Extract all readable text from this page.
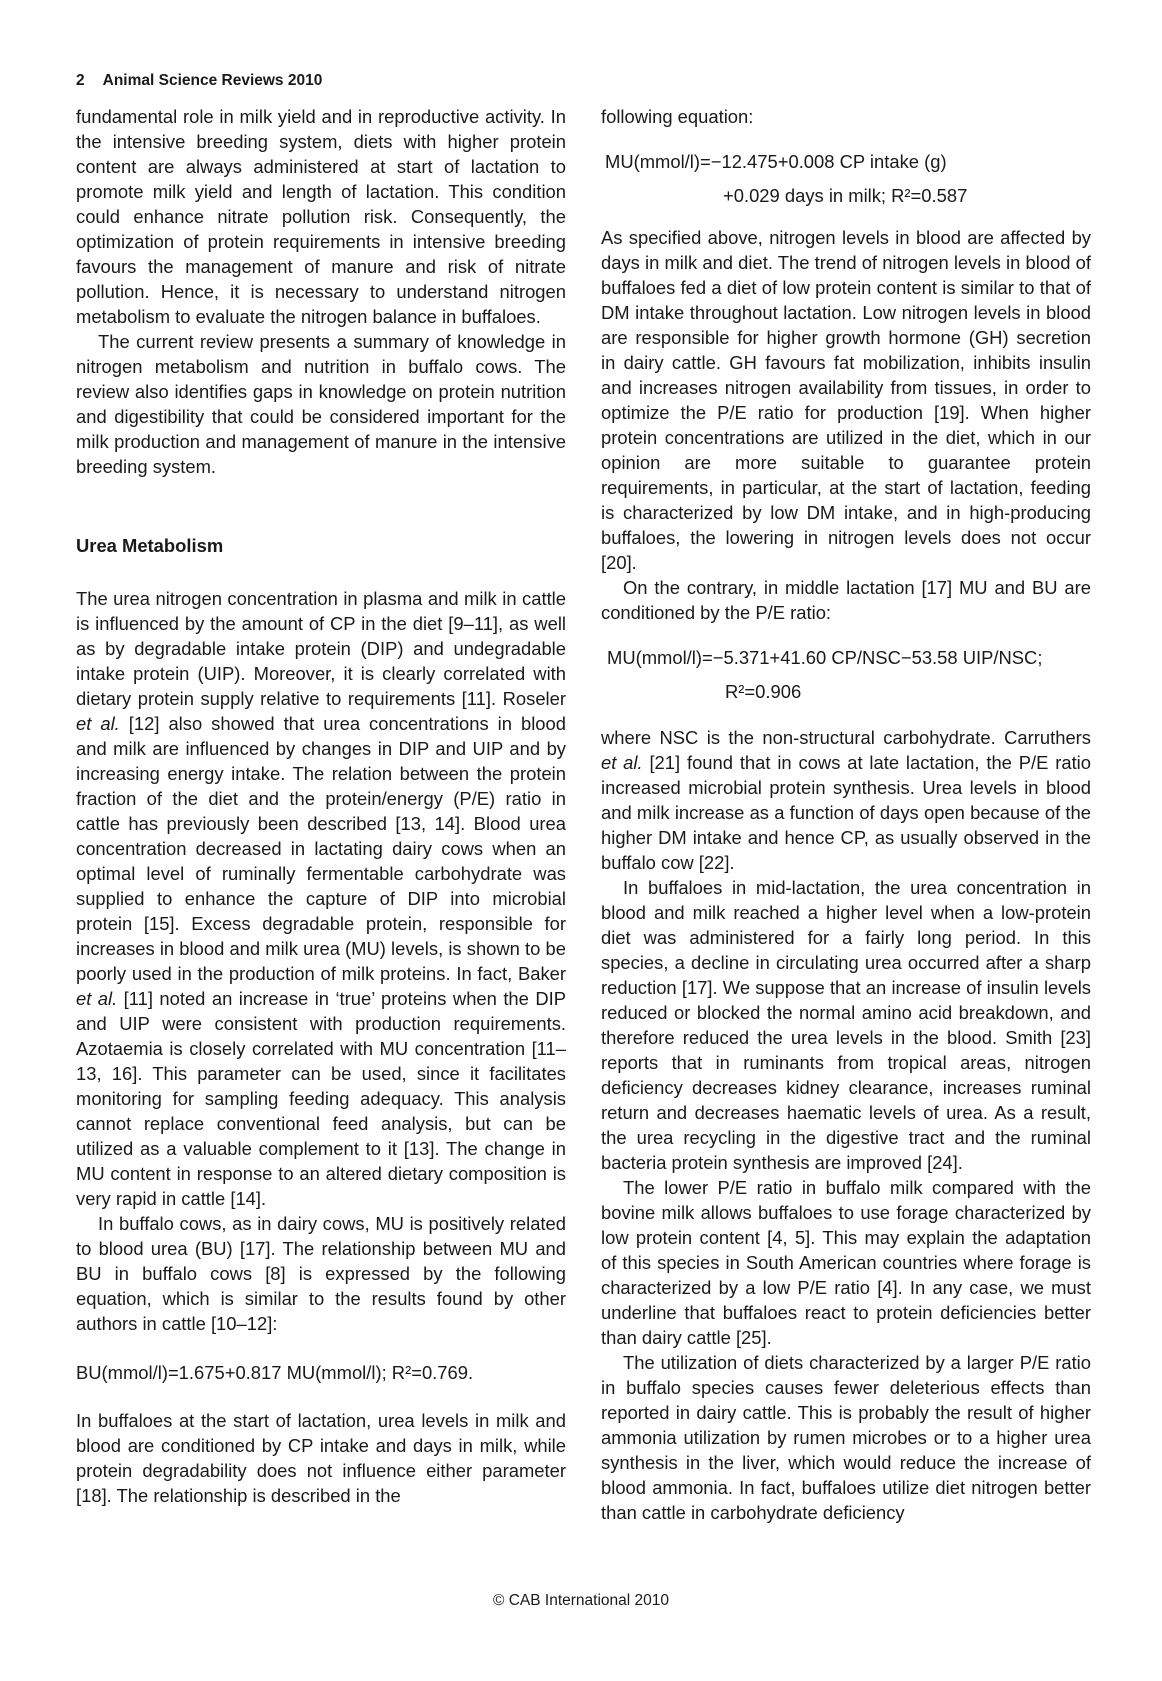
2 Animal Science Reviews 2010

fundamental role in milk yield and in reproductive activity. In the intensive breeding system, diets with higher protein content are always administered at start of lactation to promote milk yield and length of lactation. This condition could enhance nitrate pollution risk. Consequently, the optimization of protein requirements in intensive breeding favours the management of manure and risk of nitrate pollution. Hence, it is necessary to understand nitrogen metabolism to evaluate the nitrogen balance in buffaloes.

The current review presents a summary of knowledge in nitrogen metabolism and nutrition in buffalo cows. The review also identifies gaps in knowledge on protein nutrition and digestibility that could be considered important for the milk production and management of manure in the intensive breeding system.

Urea Metabolism

The urea nitrogen concentration in plasma and milk in cattle is influenced by the amount of CP in the diet [9–11], as well as by degradable intake protein (DIP) and undegradable intake protein (UIP). Moreover, it is clearly correlated with dietary protein supply relative to requirements [11]. Roseler et al. [12] also showed that urea concentrations in blood and milk are influenced by changes in DIP and UIP and by increasing energy intake. The relation between the protein fraction of the diet and the protein/energy (P/E) ratio in cattle has previously been described [13, 14]. Blood urea concentration decreased in lactating dairy cows when an optimal level of ruminally fermentable carbohydrate was supplied to enhance the capture of DIP into microbial protein [15]. Excess degradable protein, responsible for increases in blood and milk urea (MU) levels, is shown to be poorly used in the production of milk proteins. In fact, Baker et al. [11] noted an increase in ‘true’ proteins when the DIP and UIP were consistent with production requirements. Azotaemia is closely correlated with MU concentration [11–13, 16]. This parameter can be used, since it facilitates monitoring for sampling feeding adequacy. This analysis cannot replace conventional feed analysis, but can be utilized as a valuable complement to it [13]. The change in MU content in response to an altered dietary composition is very rapid in cattle [14].

In buffalo cows, as in dairy cows, MU is positively related to blood urea (BU) [17]. The relationship between MU and BU in buffalo cows [8] is expressed by the following equation, which is similar to the results found by other authors in cattle [10–12]:

BU(mmol/l)=1.675+0.817 MU(mmol/l); R²=0.769.

In buffaloes at the start of lactation, urea levels in milk and blood are conditioned by CP intake and days in milk, while protein degradability does not influence either parameter [18]. The relationship is described in the

following equation:

MU(mmol/l)=−12.475+0.008 CP intake (g)
+0.029 days in milk; R²=0.587

As specified above, nitrogen levels in blood are affected by days in milk and diet. The trend of nitrogen levels in blood of buffaloes fed a diet of low protein content is similar to that of DM intake throughout lactation. Low nitrogen levels in blood are responsible for higher growth hormone (GH) secretion in dairy cattle. GH favours fat mobilization, inhibits insulin and increases nitrogen availability from tissues, in order to optimize the P/E ratio for production [19]. When higher protein concentrations are utilized in the diet, which in our opinion are more suitable to guarantee protein requirements, in particular, at the start of lactation, feeding is characterized by low DM intake, and in high-producing buffaloes, the lowering in nitrogen levels does not occur [20].

On the contrary, in middle lactation [17] MU and BU are conditioned by the P/E ratio:

MU(mmol/l)=−5.371+41.60 CP/NSC−53.58 UIP/NSC;
R²=0.906

where NSC is the non-structural carbohydrate. Carruthers et al. [21] found that in cows at late lactation, the P/E ratio increased microbial protein synthesis. Urea levels in blood and milk increase as a function of days open because of the higher DM intake and hence CP, as usually observed in the buffalo cow [22].

In buffaloes in mid-lactation, the urea concentration in blood and milk reached a higher level when a low-protein diet was administered for a fairly long period. In this species, a decline in circulating urea occurred after a sharp reduction [17]. We suppose that an increase of insulin levels reduced or blocked the normal amino acid breakdown, and therefore reduced the urea levels in the blood. Smith [23] reports that in ruminants from tropical areas, nitrogen deficiency decreases kidney clearance, increases ruminal return and decreases haematic levels of urea. As a result, the urea recycling in the digestive tract and the ruminal bacteria protein synthesis are improved [24].

The lower P/E ratio in buffalo milk compared with the bovine milk allows buffaloes to use forage characterized by low protein content [4, 5]. This may explain the adaptation of this species in South American countries where forage is characterized by a low P/E ratio [4]. In any case, we must underline that buffaloes react to protein deficiencies better than dairy cattle [25].

The utilization of diets characterized by a larger P/E ratio in buffalo species causes fewer deleterious effects than reported in dairy cattle. This is probably the result of higher ammonia utilization by rumen microbes or to a higher urea synthesis in the liver, which would reduce the increase of blood ammonia. In fact, buffaloes utilize diet nitrogen better than cattle in carbohydrate deficiency

© CAB International 2010
